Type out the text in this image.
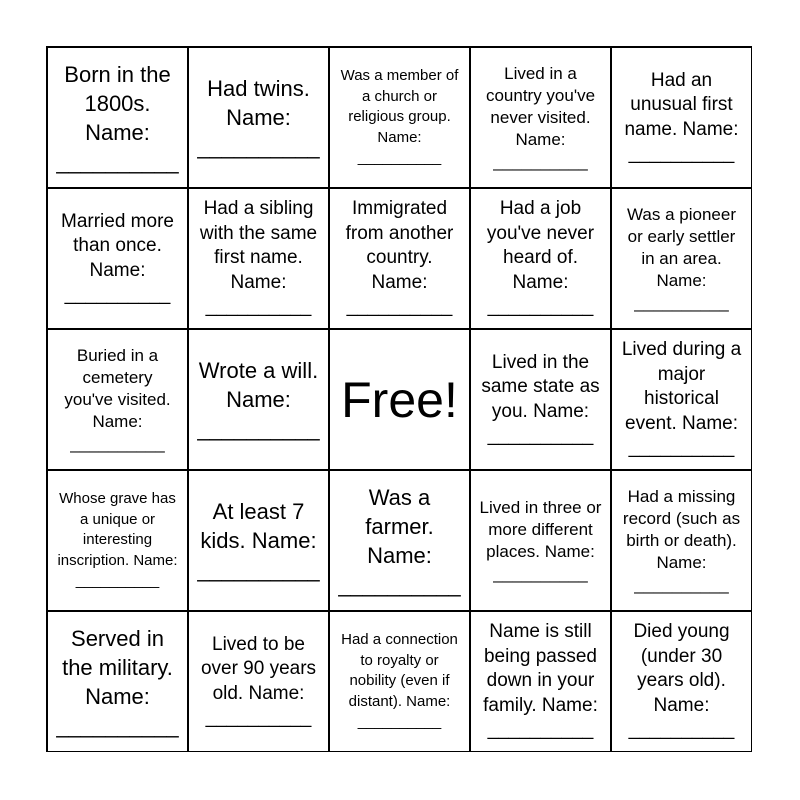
Born in the 1800s. Name: __________
Had twins. Name: __________
Was a member of a church or religious group. Name: __________
Lived in a country you've never visited. Name: __________
Had an unusual first name. Name: __________
Married more than once. Name: __________
Had a sibling with the same first name. Name: __________
Immigrated from another country. Name: __________
Had a job you've never heard of. Name: __________
Was a pioneer or early settler in an area. Name: __________
Buried in a cemetery you've visited. Name: __________
Wrote a will. Name: __________
Free!
Lived in the same state as you. Name: __________
Lived during a major historical event. Name: __________
Whose grave has a unique or interesting inscription. Name: __________
At least 7 kids. Name: __________
Was a farmer. Name: __________
Lived in three or more different places. Name: __________
Had a missing record (such as birth or death). Name: __________
Served in the military. Name: __________
Lived to be over 90 years old. Name: __________
Had a connection to royalty or nobility (even if distant). Name: __________
Name is still being passed down in your family. Name: __________
Died young (under 30 years old). Name: __________
